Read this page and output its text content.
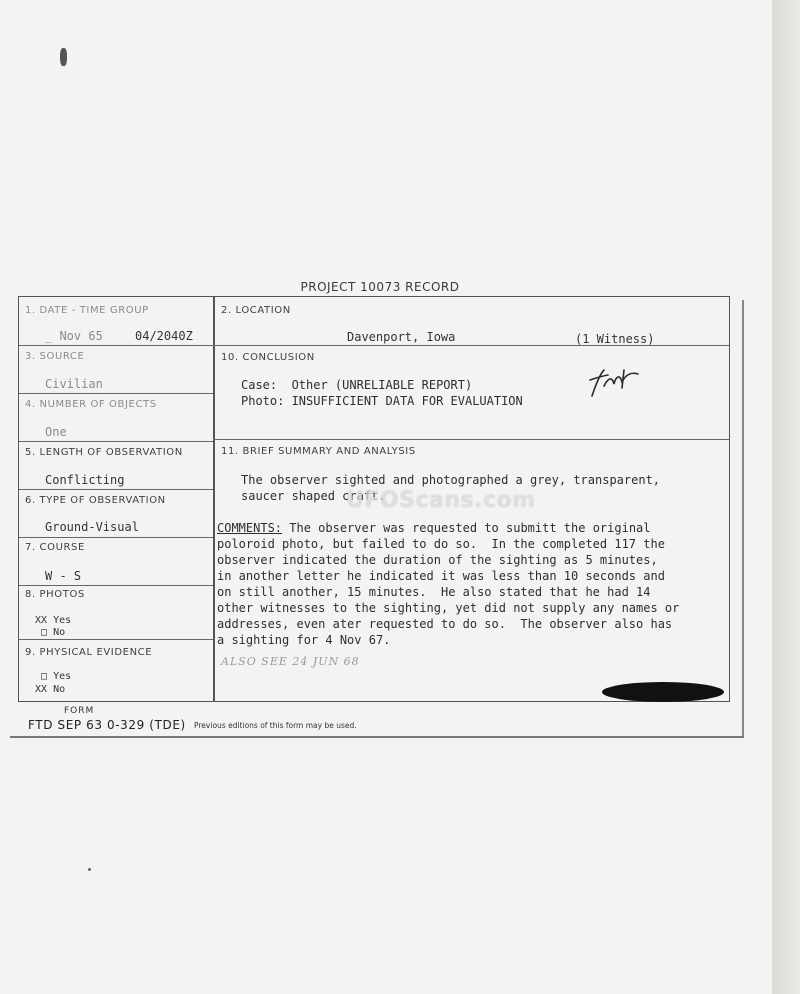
PROJECT 10073 RECORD
1. DATE - TIME GROUP
_ Nov 65	04/2040Z
2. LOCATION
Davenport, Iowa	(1 Witness)
3. SOURCE
Civilian
4. NUMBER OF OBJECTS
One
5. LENGTH OF OBSERVATION
Conflicting
6. TYPE OF OBSERVATION
Ground-Visual
7. COURSE
W - S
8. PHOTOS
XX Yes
□ No
9. PHYSICAL EVIDENCE
□ Yes
XX No
10. CONCLUSION
Case:  Other (UNRELIABLE REPORT)
Photo: INSUFFICIENT DATA FOR EVALUATION
11. BRIEF SUMMARY AND ANALYSIS
The observer sighted and photographed a grey, transparent,
saucer shaped craft.
COMMENTS: The observer was requested to submitt the original
poloroid photo, but failed to do so.  In the completed 117 the
observer indicated the duration of the sighting as 5 minutes,
in another letter he indicated it was less than 10 seconds and
on still another, 15 minutes.  He also stated that he had 14
other witnesses to the sighting, yet did not supply any names or
addresses, even ater requested to do so.  The observer also has
a sighting for 4 Nov 67.
ALSO SEE 24 JUN 68
UFOScans.com
FORM
FTD SEP 63 0-329 (TDE) Previous editions of this form may be used.
